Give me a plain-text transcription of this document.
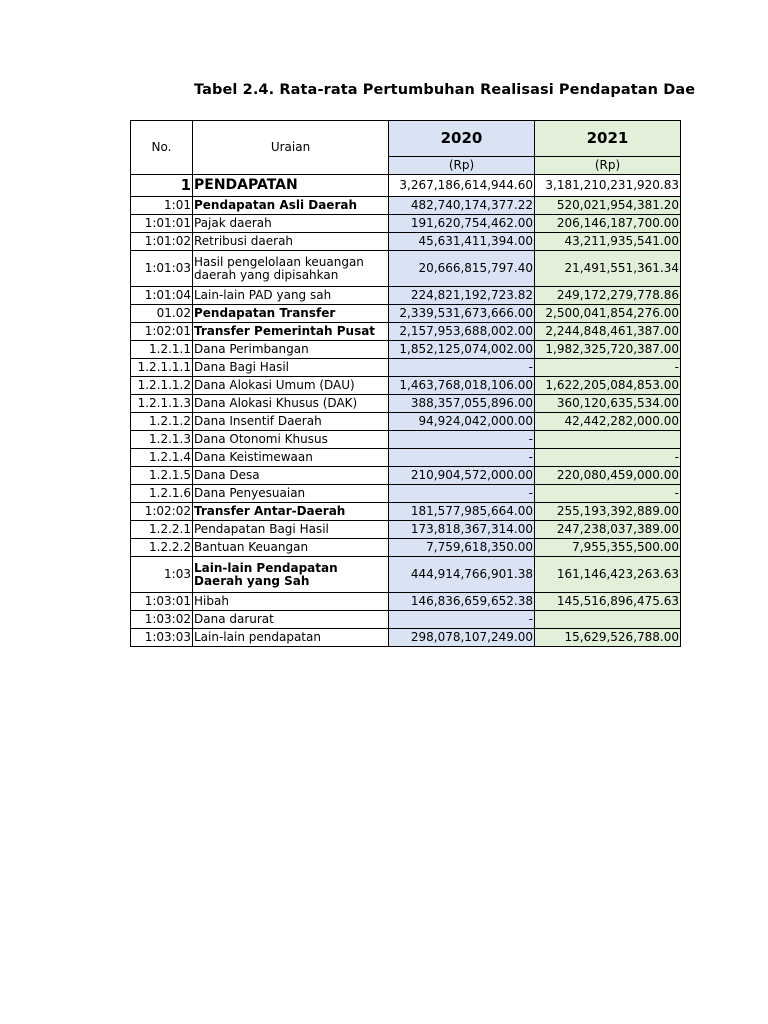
Tabel 2.4. Rata-rata Pertumbuhan Realisasi Pendapatan Dae
No.	Uraian	2020	2021
		(Rp)	(Rp)
1	PENDAPATAN	3,267,186,614,944.60	3,181,210,231,920.83
1:01	Pendapatan Asli Daerah	482,740,174,377.22	520,021,954,381.20
1:01:01	Pajak daerah	191,620,754,462.00	206,146,187,700.00
1:01:02	Retribusi daerah	45,631,411,394.00	43,211,935,541.00
1:01:03	Hasil pengelolaan keuangan daerah yang dipisahkan	20,666,815,797.40	21,491,551,361.34
1:01:04	Lain-lain PAD yang sah	224,821,192,723.82	249,172,279,778.86
01.02	Pendapatan Transfer	2,339,531,673,666.00	2,500,041,854,276.00
1:02:01	Transfer Pemerintah Pusat	2,157,953,688,002.00	2,244,848,461,387.00
1.2.1.1	Dana Perimbangan	1,852,125,074,002.00	1,982,325,720,387.00
1.2.1.1.1	Dana Bagi Hasil	-	-
1.2.1.1.2	Dana Alokasi Umum (DAU)	1,463,768,018,106.00	1,622,205,084,853.00
1.2.1.1.3	Dana Alokasi Khusus (DAK)	388,357,055,896.00	360,120,635,534.00
1.2.1.2	Dana Insentif Daerah	94,924,042,000.00	42,442,282,000.00
1.2.1.3	Dana Otonomi Khusus	-	
1.2.1.4	Dana Keistimewaan	-	-
1.2.1.5	Dana Desa	210,904,572,000.00	220,080,459,000.00
1.2.1.6	Dana Penyesuaian	-	-
1:02:02	Transfer Antar-Daerah	181,577,985,664.00	255,193,392,889.00
1.2.2.1	Pendapatan Bagi Hasil	173,818,367,314.00	247,238,037,389.00
1.2.2.2	Bantuan Keuangan	7,759,618,350.00	7,955,355,500.00
1:03	Lain-lain Pendapatan Daerah yang Sah	444,914,766,901.38	161,146,423,263.63
1:03:01	Hibah	146,836,659,652.38	145,516,896,475.63
1:03:02	Dana darurat	-	
1:03:03	Lain-lain pendapatan	298,078,107,249.00	15,629,526,788.00
